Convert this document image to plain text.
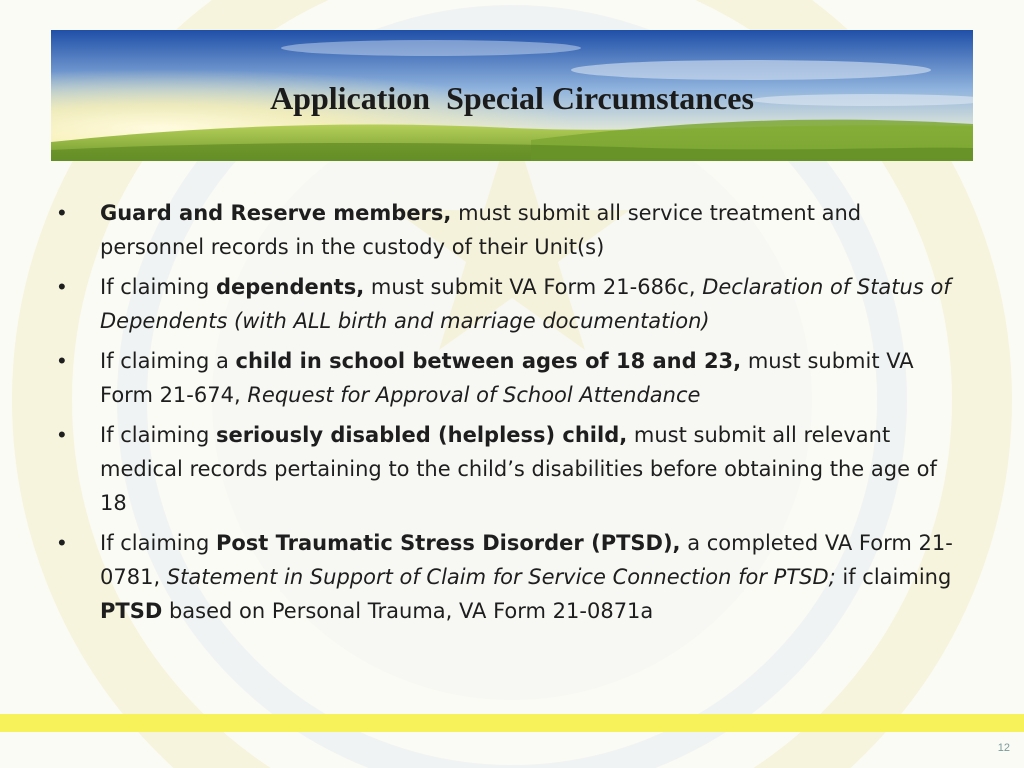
Application  Special Circumstances
• Guard and Reserve members, must submit all service treatment and personnel records in the custody of their Unit(s)
• If claiming dependents, must submit VA Form 21-686c, Declaration of Status of Dependents (with ALL birth and marriage documentation)
• If claiming a child in school between ages of 18 and 23, must submit VA Form 21-674, Request for Approval of School Attendance
• If claiming seriously disabled (helpless) child, must submit all relevant medical records pertaining to the child’s disabilities before obtaining the age of 18
• If claiming Post Traumatic Stress Disorder (PTSD), a completed VA Form 21-0781, Statement in Support of Claim for Service Connection for PTSD; if claiming PTSD based on Personal Trauma, VA Form 21-0871a
12
